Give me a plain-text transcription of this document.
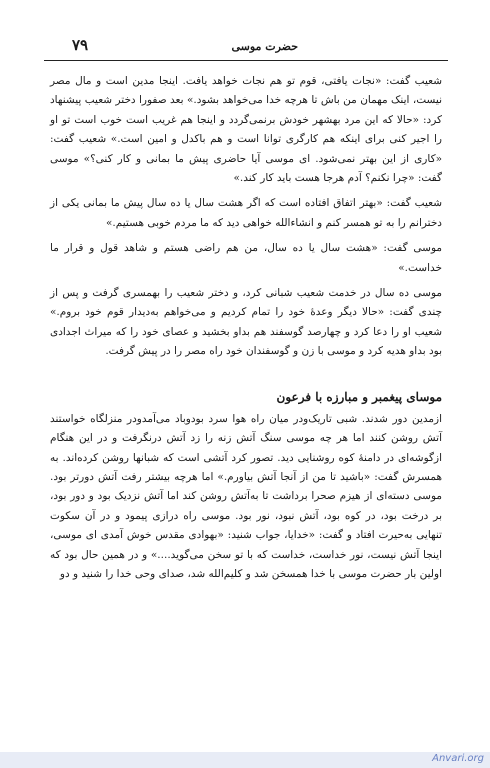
حضرت موسی
۷۹

شعیب گفت: «نجات یافتی، قوم تو هم نجات خواهد یافت. اینجا مدین است و مال مصر نیست، اینک مهمان من باش تا هرچه خدا می‌خواهد بشود.» بعد صفورا دختر شعیب پیشنهاد کرد: «حالا که این مرد بهشهر خودش برنمی‌گردد و اینجا هم غریب است خوب است تو او را اجیر کنی برای اینکه هم کارگری توانا است و هم باکدل و امین است.» شعیب گفت: «کاری از این بهتر نمی‌شود. ای موسی آیا حاضری پیش ما بمانی و کار کنی؟» موسی گفت: «چرا نکنم؟ آدم هرجا هست باید کار کند.»

شعیب گفت: «بهتر اتفاق افتاده است که اگر هشت سال یا ده سال پیش ما بمانی یکی از دخترانم را به تو همسر کنم و انشاءالله خواهی دید که ما مردم خوبی هستیم.»

موسی گفت: «هشت سال یا ده سال، من هم راضی هستم و شاهد قول و قرار ما خداست.»

موسی ده سال در خدمت شعیب شبانی کرد، و دختر شعیب را بهمسری گرفت و پس از چندی گفت: «حالا دیگر وعدهٔ خود را تمام کردیم و می‌خواهم به‌دیدار قوم خود بروم.» شعیب او را دعا کرد و چهارصد گوسفند هم بداو بخشید و عصای خود را که میراث اجدادی بود بداو هدیه کرد و موسی با زن و گوسفندان خود راه مصر را در پیش گرفت.

موسای پیغمبر و مبارزه با فرعون

ازمدین دور شدند. شبی تاریک‌ودر میان راه هوا سرد بودوباد می‌آمدودر منزلگاه خواستند آتش روشن کنند اما هر چه موسی سنگ آتش زنه را زد آتش درنگرفت و در این هنگام ازگوشه‌ای در دامنهٔ کوه روشنایی دید. تصور کرد آتشی است که شبانها روشن کرده‌اند. به همسرش گفت: «باشید تا من از آنجا آتش بیاورم.» اما هرچه بیشتر رفت آتش دورتر بود. موسی دسته‌ای از هیزم صحرا برداشت تا به‌آتش روشن کند اما آتش نزدیک بود و دور بود، بر درخت بود، در کوه بود، آتش نبود، نور بود. موسی راه درازی پیمود و در آن سکوت تنهایی به‌حیرت افتاد و گفت: «خدایا، جواب شنید: «بهوادی مقدس خوش آمدی ای موسی، اینجا آتش نیست، نور خداست، خداست که با تو سخن می‌گوید....» و در همین حال بود که اولین بار حضرت موسی با خدا همسخن شد و کلیم‌الله شد، صدای وحی خدا را شنید و دو

Anvari.org
